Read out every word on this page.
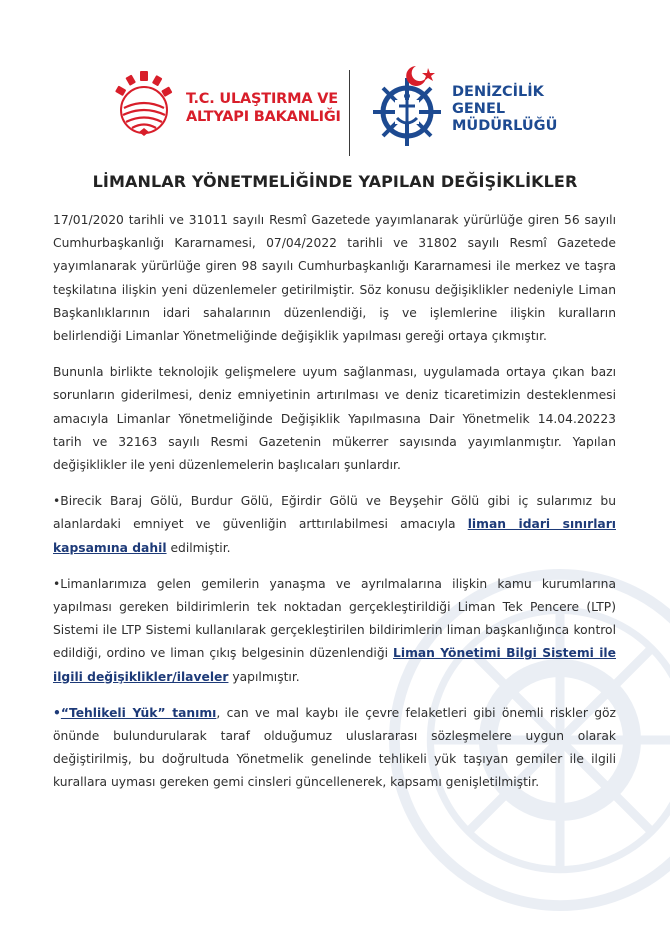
T.C. ULAŞTIRMA VE
ALTYAPI BAKANLIĞI
DENİZCİLİK
GENEL
MÜDÜRLÜĞÜ
LİMANLAR YÖNETMELİĞİNDE YAPILAN DEĞİŞİKLİKLER

17/01/2020 tarihli ve 31011 sayılı Resmî Gazetede yayımlanarak yürürlüğe giren 56 sayılı Cumhurbaşkanlığı Kararnamesi, 07/04/2022 tarihli ve 31802 sayılı Resmî Gazetede yayımlanarak yürürlüğe giren 98 sayılı Cumhurbaşkanlığı Kararnamesi ile merkez ve taşra teşkilatına ilişkin yeni düzenlemeler getirilmiştir. Söz konusu değişiklikler nedeniyle Liman Başkanlıklarının idari sahalarının düzenlendiği, iş ve işlemlerine ilişkin kuralların belirlendiği Limanlar Yönetmeliğinde değişiklik yapılması gereği ortaya çıkmıştır.

Bununla birlikte teknolojik gelişmelere uyum sağlanması, uygulamada ortaya çıkan bazı sorunların giderilmesi, deniz emniyetinin artırılması ve deniz ticaretimizin desteklenmesi amacıyla Limanlar Yönetmeliğinde Değişiklik Yapılmasına Dair Yönetmelik 14.04.20223 tarih ve 32163 sayılı Resmi Gazetenin mükerrer sayısında yayımlanmıştır. Yapılan değişiklikler ile yeni düzenlemelerin başlıcaları şunlardır.

•Birecik Baraj Gölü, Burdur Gölü, Eğirdir Gölü ve Beyşehir Gölü gibi iç sularımız bu alanlardaki emniyet ve güvenliğin arttırılabilmesi amacıyla liman idari sınırları kapsamına dahil edilmiştir.

•Limanlarımıza gelen gemilerin yanaşma ve ayrılmalarına ilişkin kamu kurumlarına yapılması gereken bildirimlerin tek noktadan gerçekleştirildiği Liman Tek Pencere (LTP) Sistemi ile LTP Sistemi kullanılarak gerçekleştirilen bildirimlerin liman başkanlığınca kontrol edildiği, ordino ve liman çıkış belgesinin düzenlendiği Liman Yönetimi Bilgi Sistemi ile ilgili değişiklikler/ilaveler yapılmıştır.

•“Tehlikeli Yük” tanımı, can ve mal kaybı ile çevre felaketleri gibi önemli riskler göz önünde bulundurularak taraf olduğumuz uluslararası sözleşmelere uygun olarak değiştirilmiş, bu doğrultuda Yönetmelik genelinde tehlikeli yük taşıyan gemiler ile ilgili kurallara uyması gereken gemi cinsleri güncellenerek, kapsamı genişletilmiştir.
